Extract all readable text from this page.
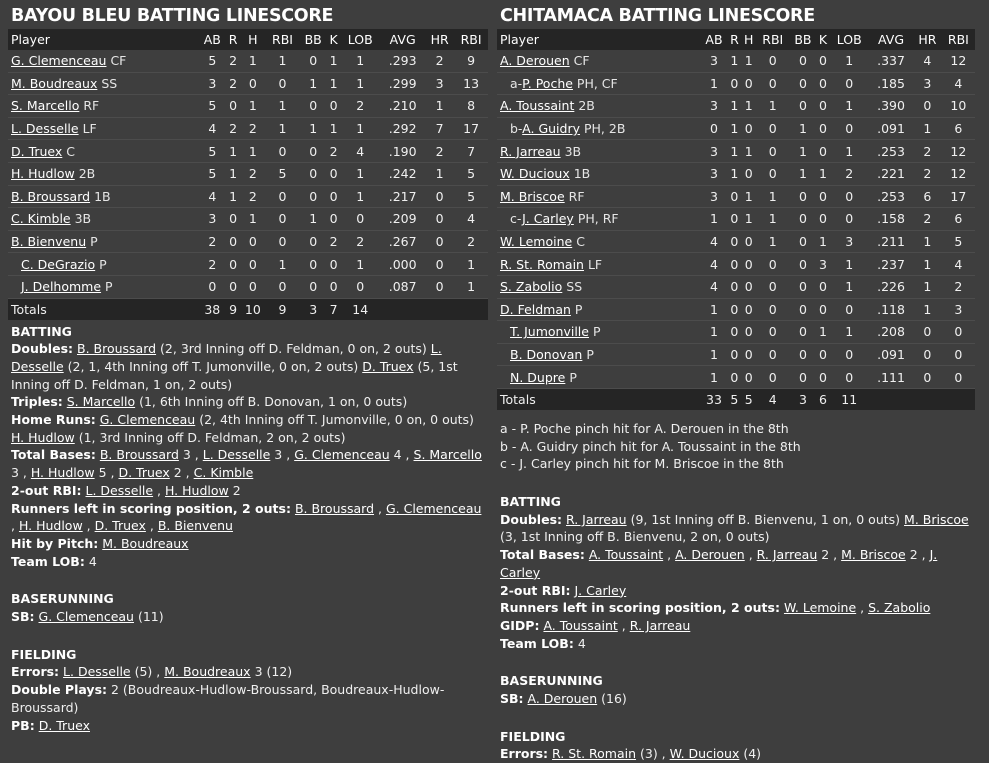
BAYOU BLEU BATTING LINESCORE
Player	AB	R	H	RBI	BB	K	LOB	AVG	HR	RBI
G. Clemenceau CF	5	2	1	1	0	1	1	.293	2	9
M. Boudreaux SS	3	2	0	0	1	1	1	.299	3	13
S. Marcello RF	5	0	1	1	0	0	2	.210	1	8
L. Desselle LF	4	2	2	1	1	1	1	.292	7	17
D. Truex C	5	1	1	0	0	2	4	.190	2	7
H. Hudlow 2B	5	1	2	5	0	0	1	.242	1	5
B. Broussard 1B	4	1	2	0	0	0	1	.217	0	5
C. Kimble 3B	3	0	1	0	1	0	0	.209	0	4
B. Bienvenu P	2	0	0	0	0	2	2	.267	0	2
C. DeGrazio P	2	0	0	1	0	0	1	.000	0	1
J. Delhomme P	0	0	0	0	0	0	0	.087	0	1
Totals	38	9	10	9	3	7	14			
BATTING
Doubles: B. Broussard (2, 3rd Inning off D. Feldman, 0 on, 2 outs) L. Desselle (2, 1, 4th Inning off T. Jumonville, 0 on, 2 outs) D. Truex (5, 1st Inning off D. Feldman, 1 on, 2 outs)
Triples: S. Marcello (1, 6th Inning off B. Donovan, 1 on, 0 outs)
Home Runs: G. Clemenceau (2, 4th Inning off T. Jumonville, 0 on, 0 outs) H. Hudlow (1, 3rd Inning off D. Feldman, 2 on, 2 outs)
Total Bases: B. Broussard 3 , L. Desselle 3 , G. Clemenceau 4 , S. Marcello 3 , H. Hudlow 5 , D. Truex 2 , C. Kimble
2-out RBI: L. Desselle , H. Hudlow 2
Runners left in scoring position, 2 outs: B. Broussard , G. Clemenceau , H. Hudlow , D. Truex , B. Bienvenu
Hit by Pitch: M. Boudreaux
Team LOB: 4
BASERUNNING
SB: G. Clemenceau (11)
FIELDING
Errors: L. Desselle (5) , M. Boudreaux 3 (12)
Double Plays: 2 (Boudreaux-Hudlow-Broussard, Boudreaux-Hudlow-Broussard)
PB: D. Truex
CHITAMACA BATTING LINESCORE
Player	AB	R	H	RBI	BB	K	LOB	AVG	HR	RBI
A. Derouen CF	3	1	1	0	0	0	1	.337	4	12
a-P. Poche PH, CF	1	0	0	0	0	0	0	.185	3	4
A. Toussaint 2B	3	1	1	1	0	0	1	.390	0	10
b-A. Guidry PH, 2B	0	1	0	0	1	0	0	.091	1	6
R. Jarreau 3B	3	1	1	0	1	0	1	.253	2	12
W. Ducioux 1B	3	1	0	0	1	1	2	.221	2	12
M. Briscoe RF	3	0	1	1	0	0	0	.253	6	17
c-J. Carley PH, RF	1	0	1	1	0	0	0	.158	2	6
W. Lemoine C	4	0	0	1	0	1	3	.211	1	5
R. St. Romain LF	4	0	0	0	0	3	1	.237	1	4
S. Zabolio SS	4	0	0	0	0	0	1	.226	1	2
D. Feldman P	1	0	0	0	0	0	0	.118	1	3
T. Jumonville P	1	0	0	0	0	1	1	.208	0	0
B. Donovan P	1	0	0	0	0	0	0	.091	0	0
N. Dupre P	1	0	0	0	0	0	0	.111	0	0
Totals	33	5	5	4	3	6	11			
a - P. Poche pinch hit for A. Derouen in the 8th
b - A. Guidry pinch hit for A. Toussaint in the 8th
c - J. Carley pinch hit for M. Briscoe in the 8th
BATTING
Doubles: R. Jarreau (9, 1st Inning off B. Bienvenu, 1 on, 0 outs) M. Briscoe (3, 1st Inning off B. Bienvenu, 2 on, 0 outs)
Total Bases: A. Toussaint , A. Derouen , R. Jarreau 2 , M. Briscoe 2 , J. Carley
2-out RBI: J. Carley
Runners left in scoring position, 2 outs: W. Lemoine , S. Zabolio
GIDP: A. Toussaint , R. Jarreau
Team LOB: 4
BASERUNNING
SB: A. Derouen (16)
FIELDING
Errors: R. St. Romain (3) , W. Ducioux (4)
